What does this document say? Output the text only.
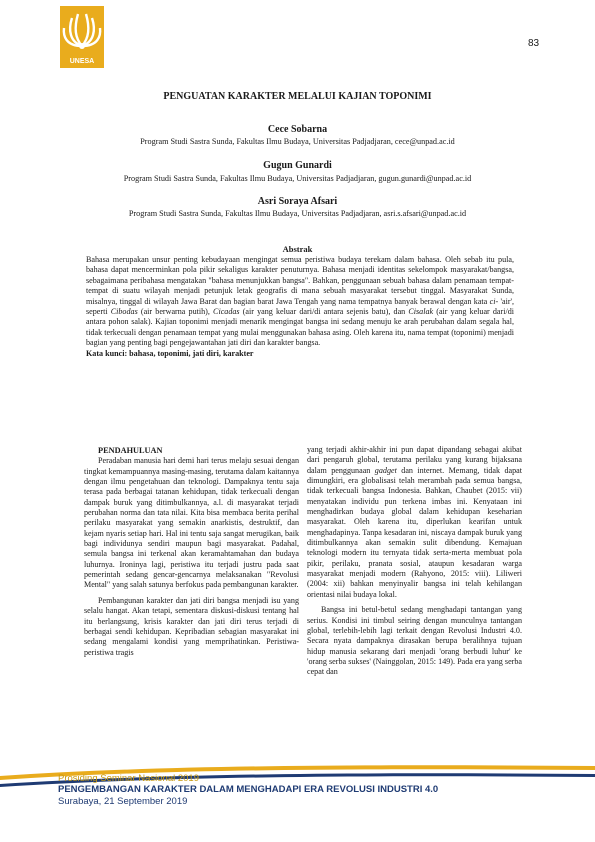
UNESA
83
PENGUATAN KARAKTER MELALUI KAJIAN TOPONIMI
Cece Sobarna
Program Studi Sastra Sunda, Fakultas Ilmu Budaya, Universitas Padjadjaran, cece@unpad.ac.id
Gugun Gunardi
Program Studi Sastra Sunda, Fakultas Ilmu Budaya, Universitas Padjadjaran, gugun.gunardi@unpad.ac.id
Asri Soraya Afsari
Program Studi Sastra Sunda, Fakultas Ilmu Budaya, Universitas Padjadjaran, asri.s.afsari@unpad.ac.id
Abstrak

Bahasa merupakan unsur penting kebudayaan mengingat semua peristiwa budaya terekam dalam bahasa. Oleh sebab itu pula, bahasa dapat mencerminkan pola pikir sekaligus karakter penuturnya. Bahasa menjadi identitas sekelompok masyarakat/bangsa, sebagaimana peribahasa mengatakan "bahasa menunjukkan bangsa". Bahkan, penggunaan sebuah bahasa dalam penamaan tempat-tempat di suatu wilayah menjadi petunjuk letak geografis di mana sebuah masyarakat tersebut tinggal. Masyarakat Sunda, misalnya, tinggal di wilayah Jawa Barat dan bagian barat Jawa Tengah yang nama tempatnya banyak berawal dengan kata ci- 'air', seperti Cibodas (air berwarna putih), Cicadas (air yang keluar dari/di antara sejenis batu), dan Cisalak (air yang keluar dari/di antara pohon salak). Kajian toponimi menjadi menarik mengingat bangsa ini sedang menuju ke arah perubahan dalam segala hal, tidak terkecuali dengan penamaan tempat yang mulai menggunakan bahasa asing. Oleh karena itu, nama tempat (toponimi) menjadi bagian yang penting bagi pengejawantahan jati diri dan karakter bangsa.

Kata kunci: bahasa, toponimi, jati diri, karakter

PENDAHULUAN

Peradaban manusia hari demi hari terus melaju sesuai dengan tingkat kemampuannya masing-masing, terutama dalam kaitannya dengan ilmu pengetahuan dan teknologi. Dampaknya tentu saja terasa pada berbagai tatanan kehidupan, tidak terkecuali dengan dampak buruk yang ditimbulkannya, a.l. di masyarakat terjadi perubahan norma dan tata nilai. Kita bisa membaca berita perihal perilaku masyarakat yang semakin anarkistis, destruktif, dan kejam nyaris setiap hari. Hal ini tentu saja sangat merugikan, baik bagi individunya sendiri maupun bagi masyarakat. Padahal, semula bangsa ini terkenal akan keramahtamahan dan budaya luhurnya. Ironinya lagi, peristiwa itu terjadi justru pada saat pemerintah sedang gencar-gencarnya melaksanakan "Revolusi Mental" yang salah satunya berfokus pada pembangunan karakter.

Pembangunan karakter dan jati diri bangsa menjadi isu yang selalu hangat. Akan tetapi, sementara diskusi-diskusi tentang hal itu berlangsung, krisis karakter dan jati diri terus terjadi di berbagai sendi kehidupan. Kepribadian sebagian masyarakat ini sedang mengalami kondisi yang memprihatinkan. Peristiwa-peristiwa tragis

yang terjadi akhir-akhir ini pun dapat dipandang sebagai akibat dari pengaruh global, terutama perilaku yang kurang bijaksana dalam penggunaan gadget dan internet. Memang, tidak dapat dimungkiri, era globalisasi telah merambah pada semua bangsa, tidak terkecuali bangsa Indonesia. Bahkan, Chaubet (2015: vii) menyatakan individu pun terkena imbas ini. Kenyataan ini menghadirkan budaya global dalam kehidupan keseharian masyarakat. Oleh karena itu, diperlukan kearifan untuk menghadapinya. Tanpa kesadaran ini, niscaya dampak buruk yang ditimbulkannya akan semakin sulit dibendung. Kemajuan teknologi modern itu ternyata tidak serta-merta membuat pola pikir, perilaku, pranata sosial, ataupun kesadaran warga masyarakat menjadi modern (Rahyono, 2015: viii). Liliweri (2004: xii) bahkan menyinyalir bangsa ini telah kehilangan orientasi nilai budaya lokal.

Bangsa ini betul-betul sedang menghadapi tantangan yang serius. Kondisi ini timbul seiring dengan munculnya tantangan global, terlebih-lebih lagi terkait dengan Revolusi Industri 4.0. Secara nyata dampaknya dirasakan berupa beralihnya tujuan hidup manusia sekarang dari menjadi 'orang berbudi luhur' ke 'orang serba sukses' (Nainggolan, 2015: 149). Pada era yang serba cepat dan

Prosiding Seminar Nasional 2019
PENGEMBANGAN KARAKTER DALAM MENGHADAPI ERA REVOLUSI INDUSTRI 4.0
Surabaya, 21 September 2019
